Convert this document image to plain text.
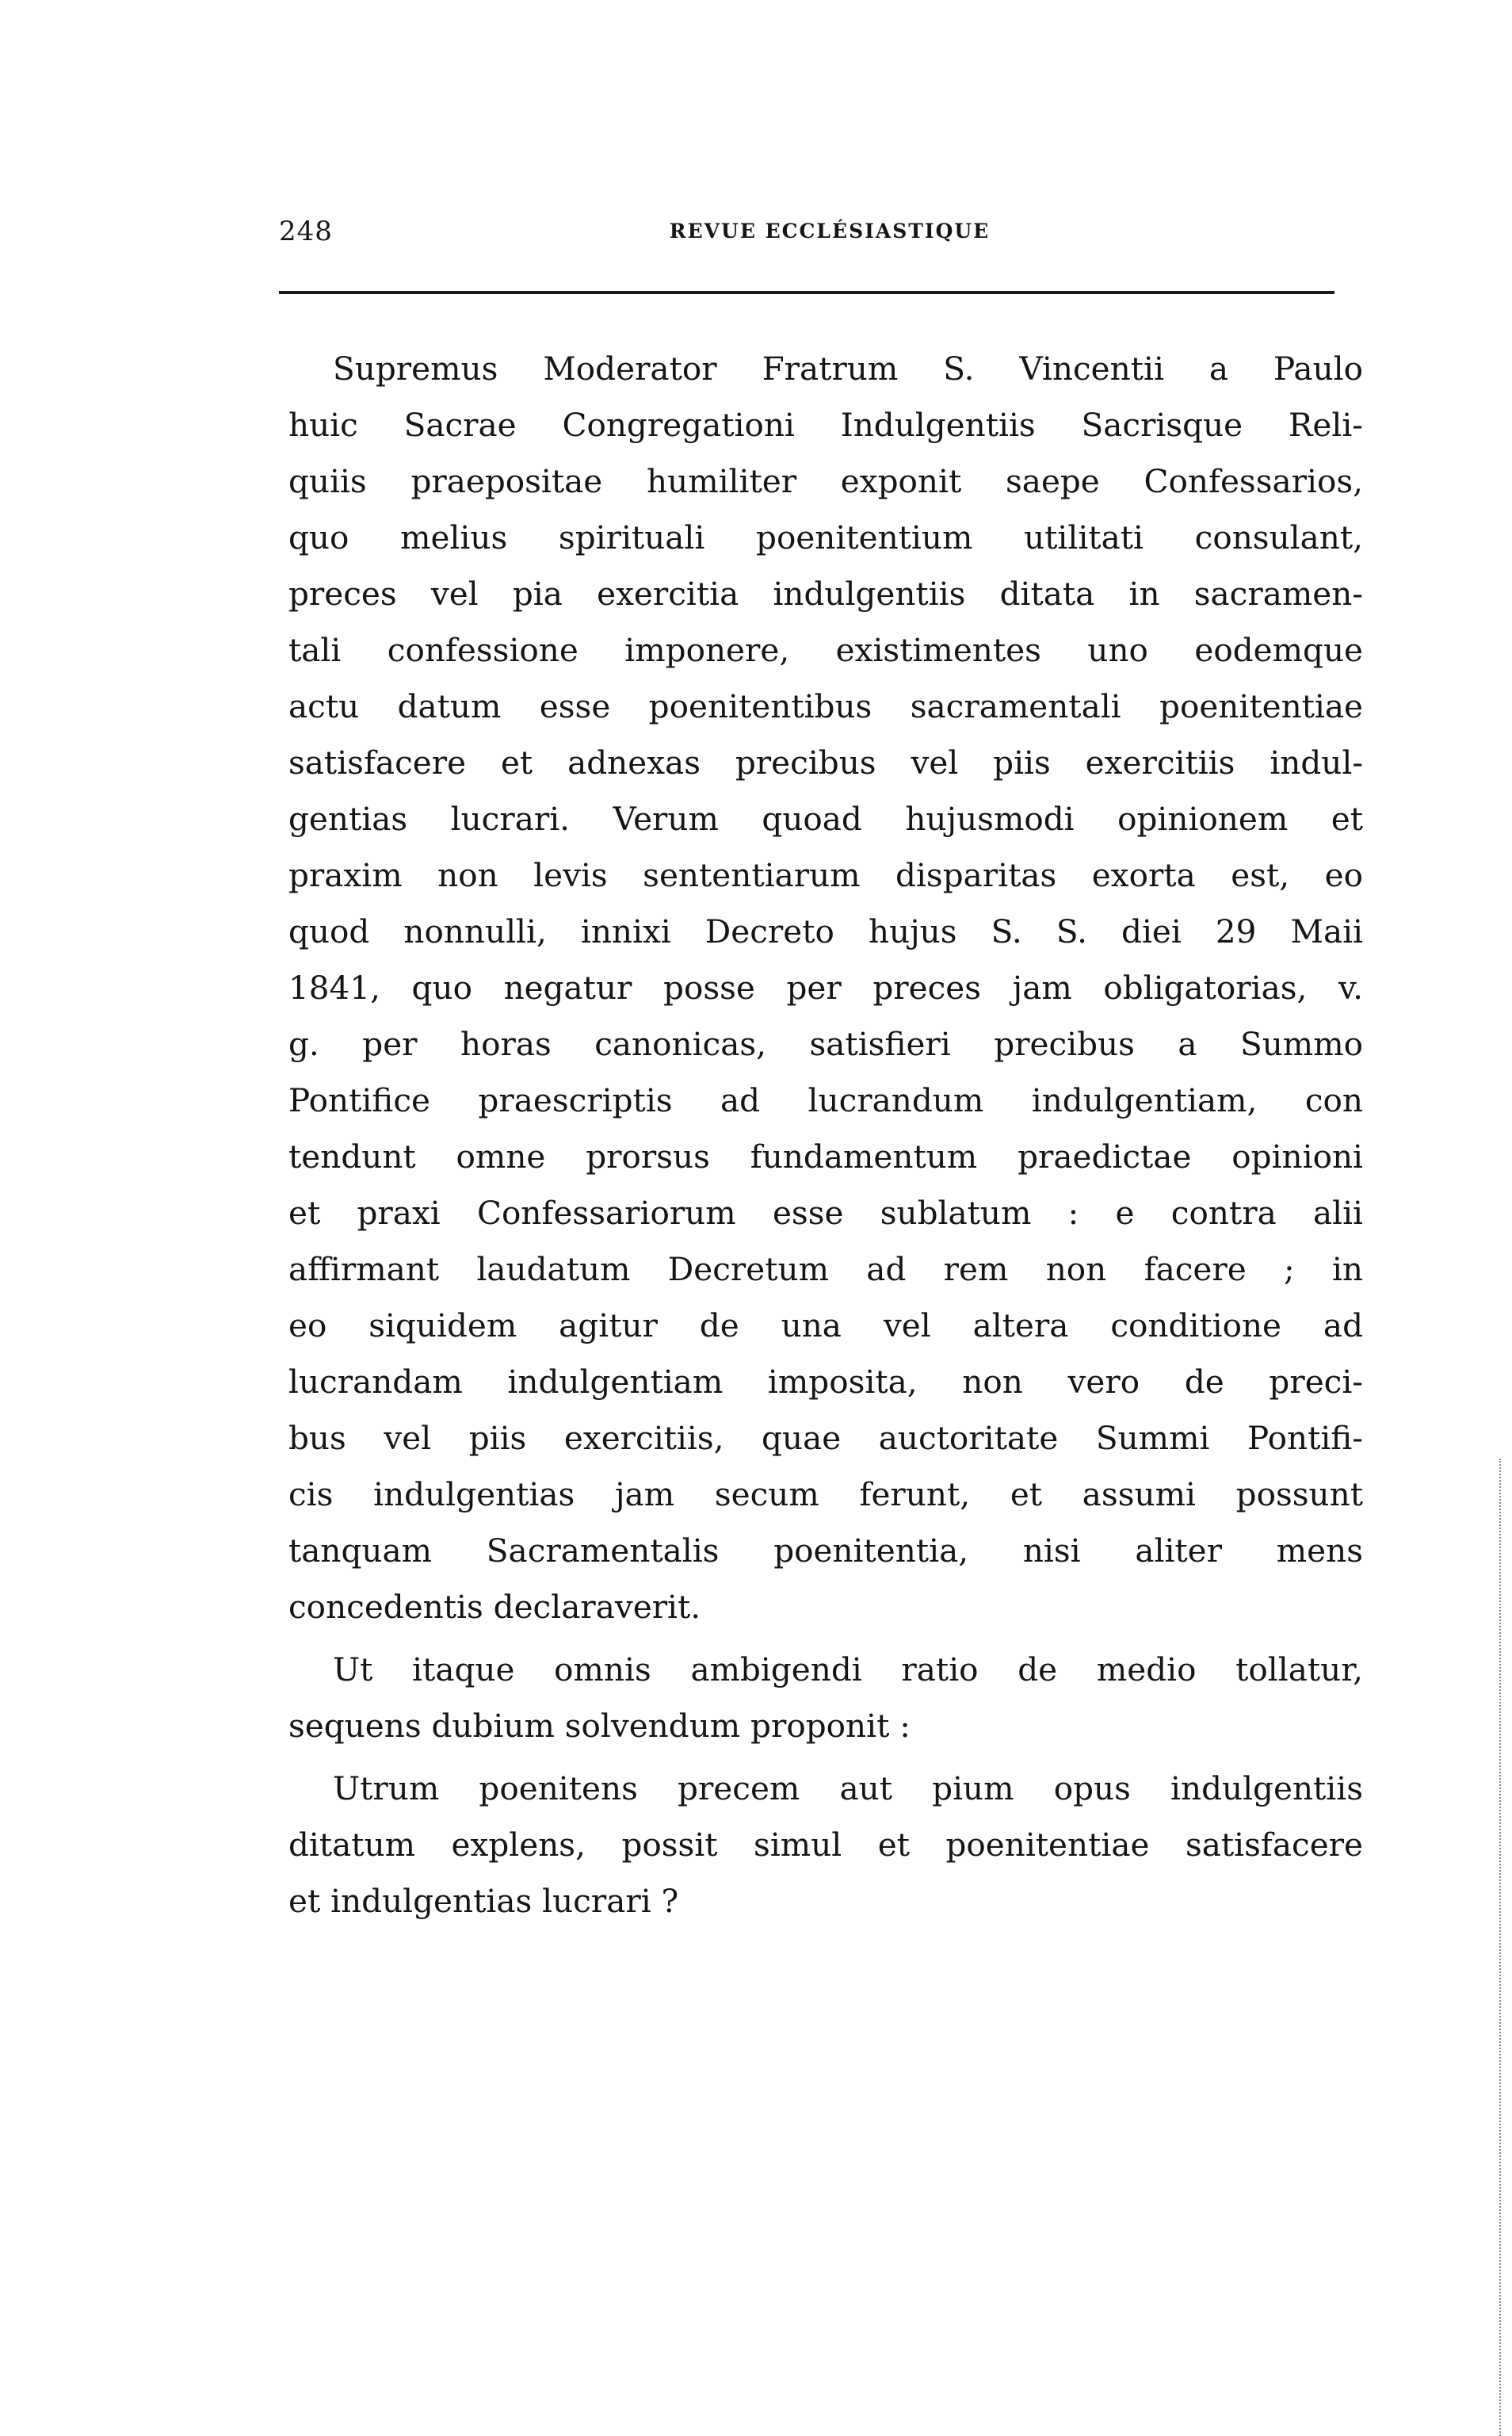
248	REVUE ECCLÉSIASTIQUE
Supremus Moderator Fratrum S. Vincentii a Paulo
huic Sacrae Congregationi Indulgentiis Sacrisque Reli-
quiis praepositae humiliter exponit saepe Confessarios,
quo melius spirituali poenitentium utilitati consulant,
preces vel pia exercitia indulgentiis ditata in sacramen-
tali confessione imponere, existimentes uno eodemque
actu datum esse poenitentibus sacramentali poenitentiae
satisfacere et adnexas precibus vel piis exercitiis indul-
gentias lucrari. Verum quoad hujusmodi opinionem et
praxim non levis sententiarum disparitas exorta est, eo
quod nonnulli, innixi Decreto hujus S. S. diei 29 Maii
1841, quo negatur posse per preces jam obligatorias, v.
g. per horas canonicas, satisfieri precibus a Summo
Pontifice praescriptis ad lucrandum indulgentiam, con
tendunt omne prorsus fundamentum praedictae opinioni
et praxi Confessariorum esse sublatum : e contra alii
affirmant laudatum Decretum ad rem non facere ; in
eo siquidem agitur de una vel altera conditione ad
lucrandam indulgentiam imposita, non vero de preci-
bus vel piis exercitiis, quae auctoritate Summi Pontifi-
cis indulgentias jam secum ferunt, et assumi possunt
tanquam Sacramentalis poenitentia, nisi aliter mens
concedentis declaraverit.
Ut itaque omnis ambigendi ratio de medio tollatur,
sequens dubium solvendum proponit :
Utrum poenitens precem aut pium opus indulgentiis
ditatum explens, possit simul et poenitentiae satisfacere
et indulgentias lucrari ?
